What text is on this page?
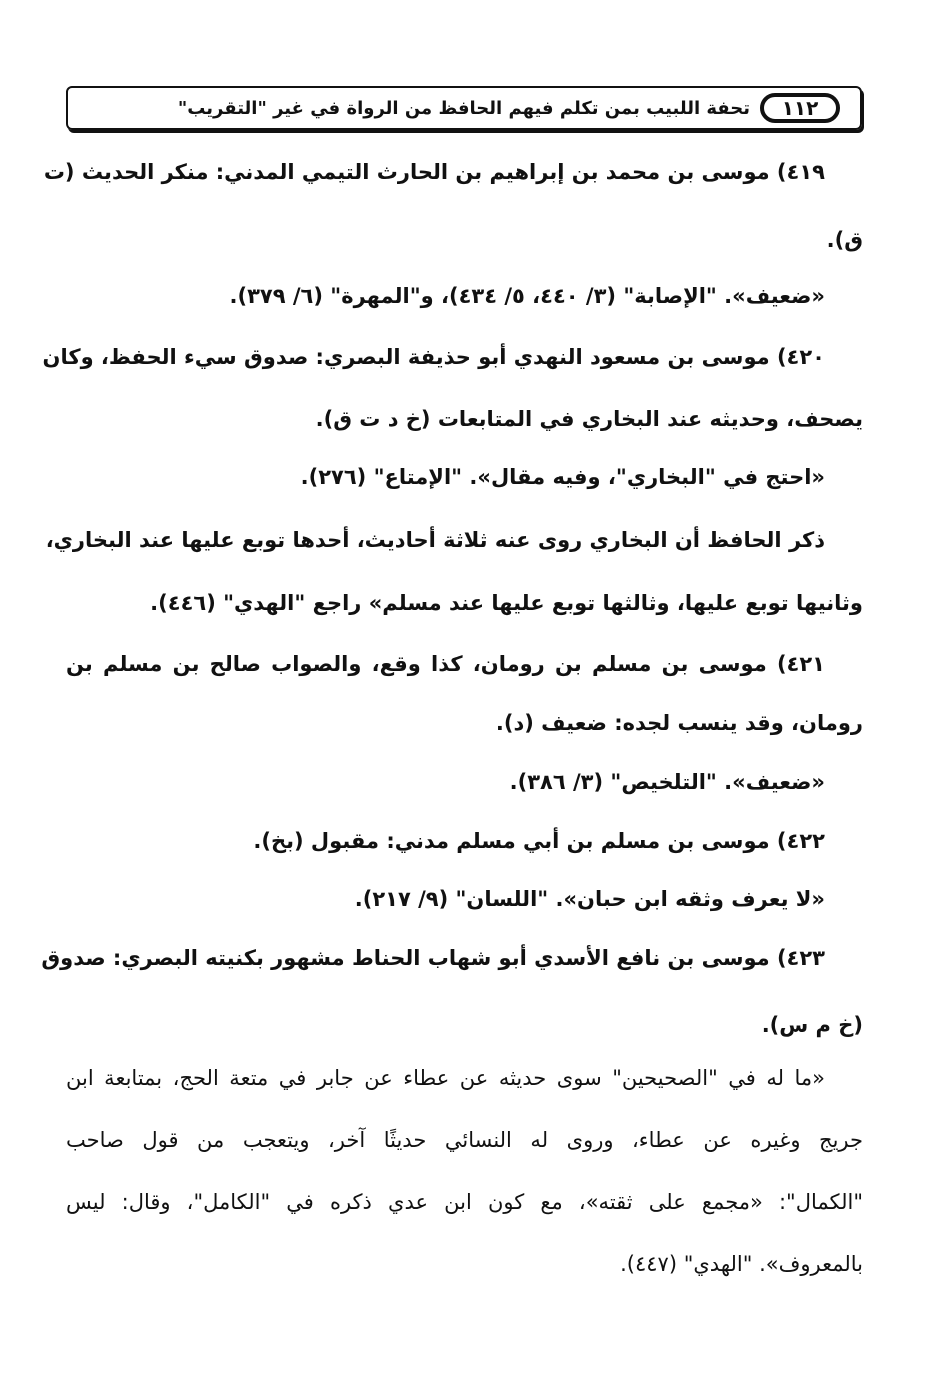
١١٢
تحفة اللبيب بمن تكلم فيهم الحافظ من الرواة في غير "التقريب"
٤١٩) موسى بن محمد بن إبراهيم بن الحارث التيمي المدني: منكر الحديث (ت
ق).
«ضعيف». "الإصابة" (٣/ ٤٤٠، ٥/ ٤٣٤)، و"المهرة" (٦/ ٣٧٩).
٤٢٠) موسى بن مسعود النهدي أبو حذيفة البصري: صدوق سيء الحفظ، وكان
يصحف، وحديثه عند البخاري في المتابعات (خ د ت ق).
«احتج في "البخاري"، وفيه مقال». "الإمتاع" (٢٧٦).
ذكر الحافظ أن البخاري روى عنه ثلاثة أحاديث، أحدها توبع عليها عند البخاري،
وثانيها توبع عليها، وثالثها توبع عليها عند مسلم» راجع "الهدي" (٤٤٦).
٤٢١) موسى بن مسلم بن رومان، كذا وقع، والصواب صالح بن مسلم بن
رومان، وقد ينسب لجده: ضعيف (د).
«ضعيف». "التلخيص" (٣/ ٣٨٦).
٤٢٢) موسى بن مسلم بن أبي مسلم مدني: مقبول (بخ).
«لا يعرف وثقه ابن حبان». "اللسان" (٩/ ٢١٧).
٤٢٣) موسى بن نافع الأسدي أبو شهاب الحناط مشهور بكنيته البصري: صدوق
(خ م س).
«ما له في "الصحيحين" سوى حديثه عن عطاء عن جابر في متعة الحج، بمتابعة ابن
جريج وغيره عن عطاء، وروى له النسائي حديثًا آخر، ويتعجب من قول صاحب
"الكمال": «مجمع على ثقته»، مع كون ابن عدي ذكره في "الكامل"، وقال: ليس
بالمعروف». "الهدي" (٤٤٧).
